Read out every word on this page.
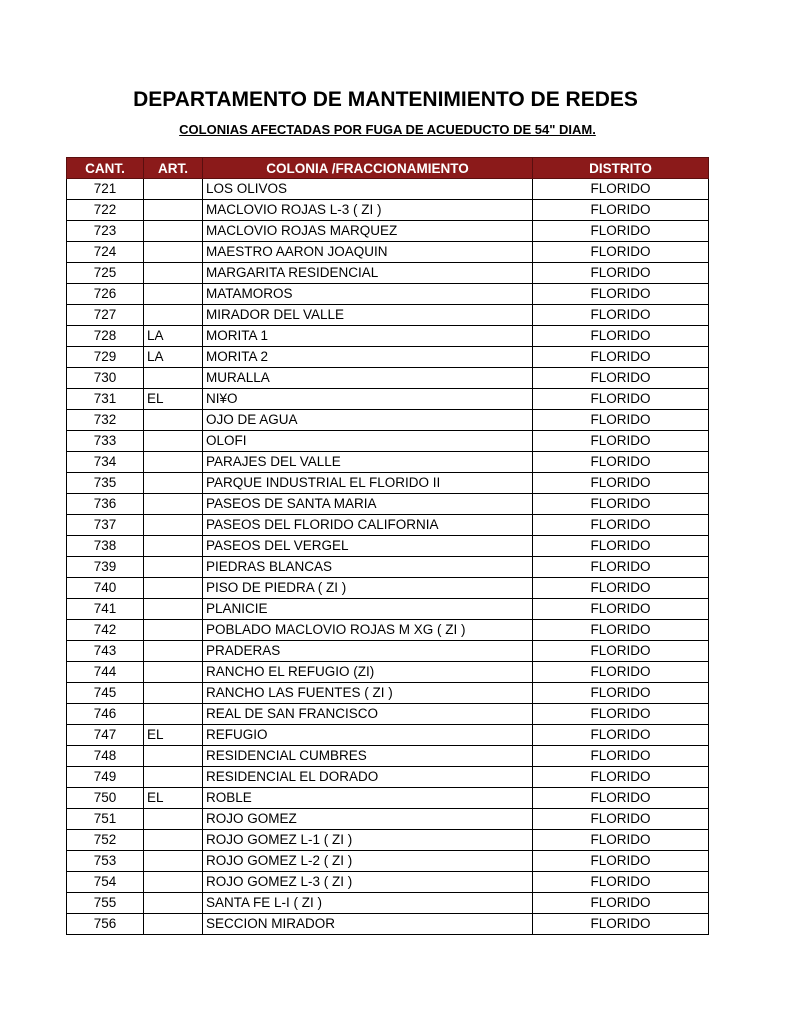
DEPARTAMENTO DE MANTENIMIENTO DE REDES
COLONIAS AFECTADAS POR FUGA DE ACUEDUCTO DE 54" DIAM.
CANT.	ART.	COLONIA /FRACCIONAMIENTO	DISTRITO
721		LOS OLIVOS	FLORIDO
722		MACLOVIO ROJAS L-3 ( ZI )	FLORIDO
723		MACLOVIO ROJAS MARQUEZ	FLORIDO
724		MAESTRO AARON JOAQUIN	FLORIDO
725		MARGARITA RESIDENCIAL	FLORIDO
726		MATAMOROS	FLORIDO
727		MIRADOR DEL VALLE	FLORIDO
728	LA	MORITA 1	FLORIDO
729	LA	MORITA 2	FLORIDO
730		MURALLA	FLORIDO
731	EL	NI¥O	FLORIDO
732		OJO DE AGUA	FLORIDO
733		OLOFI	FLORIDO
734		PARAJES DEL VALLE	FLORIDO
735		PARQUE INDUSTRIAL EL FLORIDO II	FLORIDO
736		PASEOS DE SANTA MARIA	FLORIDO
737		PASEOS DEL FLORIDO CALIFORNIA	FLORIDO
738		PASEOS DEL VERGEL	FLORIDO
739		PIEDRAS BLANCAS	FLORIDO
740		PISO DE PIEDRA ( ZI )	FLORIDO
741		PLANICIE	FLORIDO
742		POBLADO MACLOVIO ROJAS M XG ( ZI )	FLORIDO
743		PRADERAS	FLORIDO
744		RANCHO EL REFUGIO (ZI)	FLORIDO
745		RANCHO LAS FUENTES ( ZI )	FLORIDO
746		REAL DE SAN FRANCISCO	FLORIDO
747	EL	REFUGIO	FLORIDO
748		RESIDENCIAL CUMBRES	FLORIDO
749		RESIDENCIAL EL DORADO	FLORIDO
750	EL	ROBLE	FLORIDO
751		ROJO GOMEZ	FLORIDO
752		ROJO GOMEZ L-1 ( ZI )	FLORIDO
753		ROJO GOMEZ L-2 ( ZI )	FLORIDO
754		ROJO GOMEZ L-3 ( ZI )	FLORIDO
755		SANTA FE L-I ( ZI )	FLORIDO
756		SECCION MIRADOR	FLORIDO
